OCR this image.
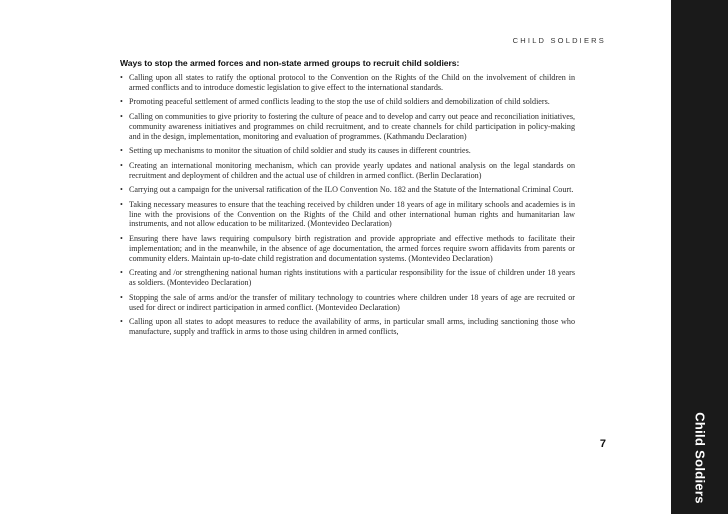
CHILD SOLDIERS
Ways to stop the armed forces and non-state armed groups to recruit child soldiers:
• Calling upon all states to ratify the optional protocol to the Convention on the Rights of the Child on the involvement of children in armed conflicts and to introduce domestic legislation to give effect to the international standards.
• Promoting peaceful settlement of armed conflicts leading to the stop the use of child soldiers and demobilization of child soldiers.
• Calling on communities to give priority to fostering the culture of peace and to develop and carry out peace and reconciliation initiatives, community awareness initiatives and programmes on child recruitment, and to create channels for child participation in policy-making and in the design, implementation, monitoring and evaluation of programmes. (Kathmandu Declaration)
• Setting up mechanisms to monitor the situation of child soldier and study its causes in different countries.
• Creating an international monitoring mechanism, which can provide yearly updates and national analysis on the legal standards on recruitment and deployment of children and the actual use of children in armed conflict. (Berlin Declaration)
• Carrying out a campaign for the universal ratification of the ILO Convention No. 182 and the Statute of the International Criminal Court.
• Taking necessary measures to ensure that the teaching received by children under 18 years of age in military schools and academies is in line with the provisions of the Convention on the Rights of the Child and other international human rights and humanitarian law instruments, and not allow education to be militarized. (Montevideo Declaration)
• Ensuring there have laws requiring compulsory birth registration and provide appropriate and effective methods to facilitate their implementation; and in the meanwhile, in the absence of age documentation, the armed forces require sworn affidavits from parents or community elders. Maintain up-to-date child registration and documentation systems. (Montevideo Declaration)
• Creating and /or strengthening national human rights institutions with a particular responsibility for the issue of children under 18 years as soldiers. (Montevideo Declaration)
• Stopping the sale of arms and/or the transfer of military technology to countries where children under 18 years of age are recruited or used for direct or indirect participation in armed conflict. (Montevideo Declaration)
• Calling upon all states to adopt measures to reduce the availability of arms, in particular small arms, including sanctioning those who manufacture, supply and traffick in arms to those using children in armed conflicts,
7	Child Soldiers
